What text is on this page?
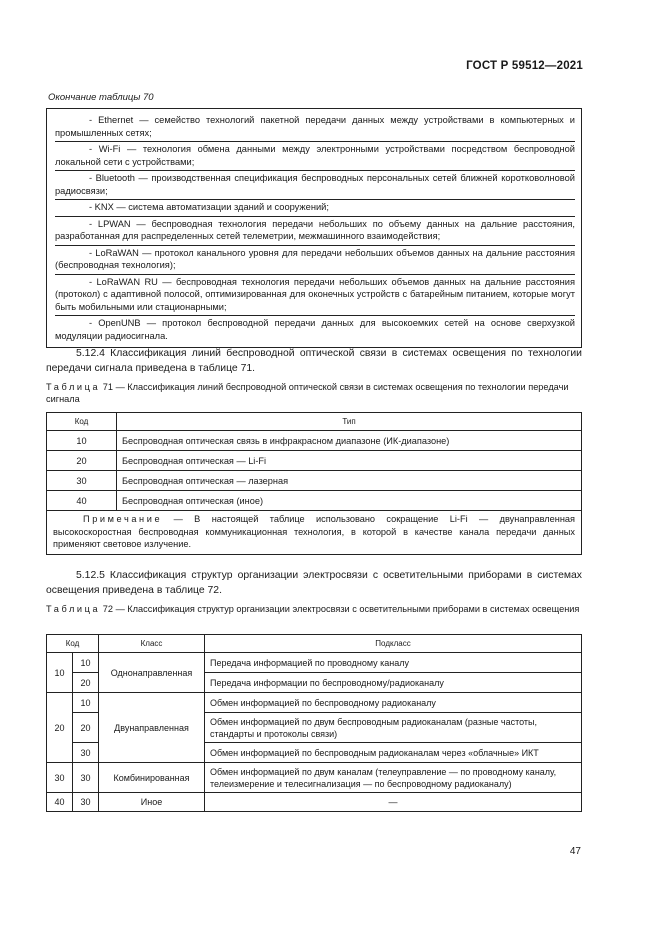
ГОСТ Р 59512—2021
Окончание таблицы 70
- Ethernet — семейство технологий пакетной передачи данных между устройствами в компьютерных и промышленных сетях;
- Wi-Fi — технология обмена данными между электронными устройствами посредством беспроводной локальной сети с устройствами;
- Bluetooth — производственная спецификация беспроводных персональных сетей ближней коротковолновой радиосвязи;
- KNX — система автоматизации зданий и сооружений;
- LPWAN — беспроводная технология передачи небольших по объему данных на дальние расстояния, разработанная для распределенных сетей телеметрии, межмашинного взаимодействия;
- LoRaWAN — протокол канального уровня для передачи небольших объемов данных на дальние расстояния (беспроводная технология);
- LoRaWAN RU — беспроводная технология передачи небольших объемов данных на дальние расстояния (протокол) с адаптивной полосой, оптимизированная для оконечных устройств с батарейным питанием, которые могут быть мобильными или стационарными;
- OpenUNB — протокол беспроводной передачи данных для высокоемких сетей на основе сверхузкой модуляции радиосигнала.
5.12.4 Классификация линий беспроводной оптической связи в системах освещения по технологии передачи сигнала приведена в таблице 71.
Таблица 71 — Классификация линий беспроводной оптической связи в системах освещения по технологии передачи сигнала
Код	Тип
10	Беспроводная оптическая связь в инфракрасном диапазоне (ИК-диапазоне)
20	Беспроводная оптическая — Li-Fi
30	Беспроводная оптическая — лазерная
40	Беспроводная оптическая (иное)
Примечание — В настоящей таблице использовано сокращение Li-Fi — двунаправленная высокоскоростная беспроводная коммуникационная технология, в которой в качестве канала передачи данных применяют световое излучение.	
5.12.5 Классификация структур организации электросвязи с осветительными приборами в системах освещения приведена в таблице 72.
Таблица 72 — Классификация структур организации электросвязи с осветительными приборами в системах освещения
Код		Класс	Подкласс
10	10	Однонаправленная	Передача информацией по проводному каналу
	20		Передача информации по беспроводному/радиоканалу
20	10	Двунаправленная	Обмен информацией по беспроводному радиоканалу
	20		Обмен информацией по двум беспроводным радиоканалам (разные частоты, стандарты и протоколы связи)
	30		Обмен информацией по беспроводным радиоканалам через «облачные» ИКТ
30	30	Комбинированная	Обмен информацией по двум каналам (телеуправление — по проводному каналу, телеизмерение и телесигнализация — по беспроводному радиоканалу)
40	30	Иное	—
47
